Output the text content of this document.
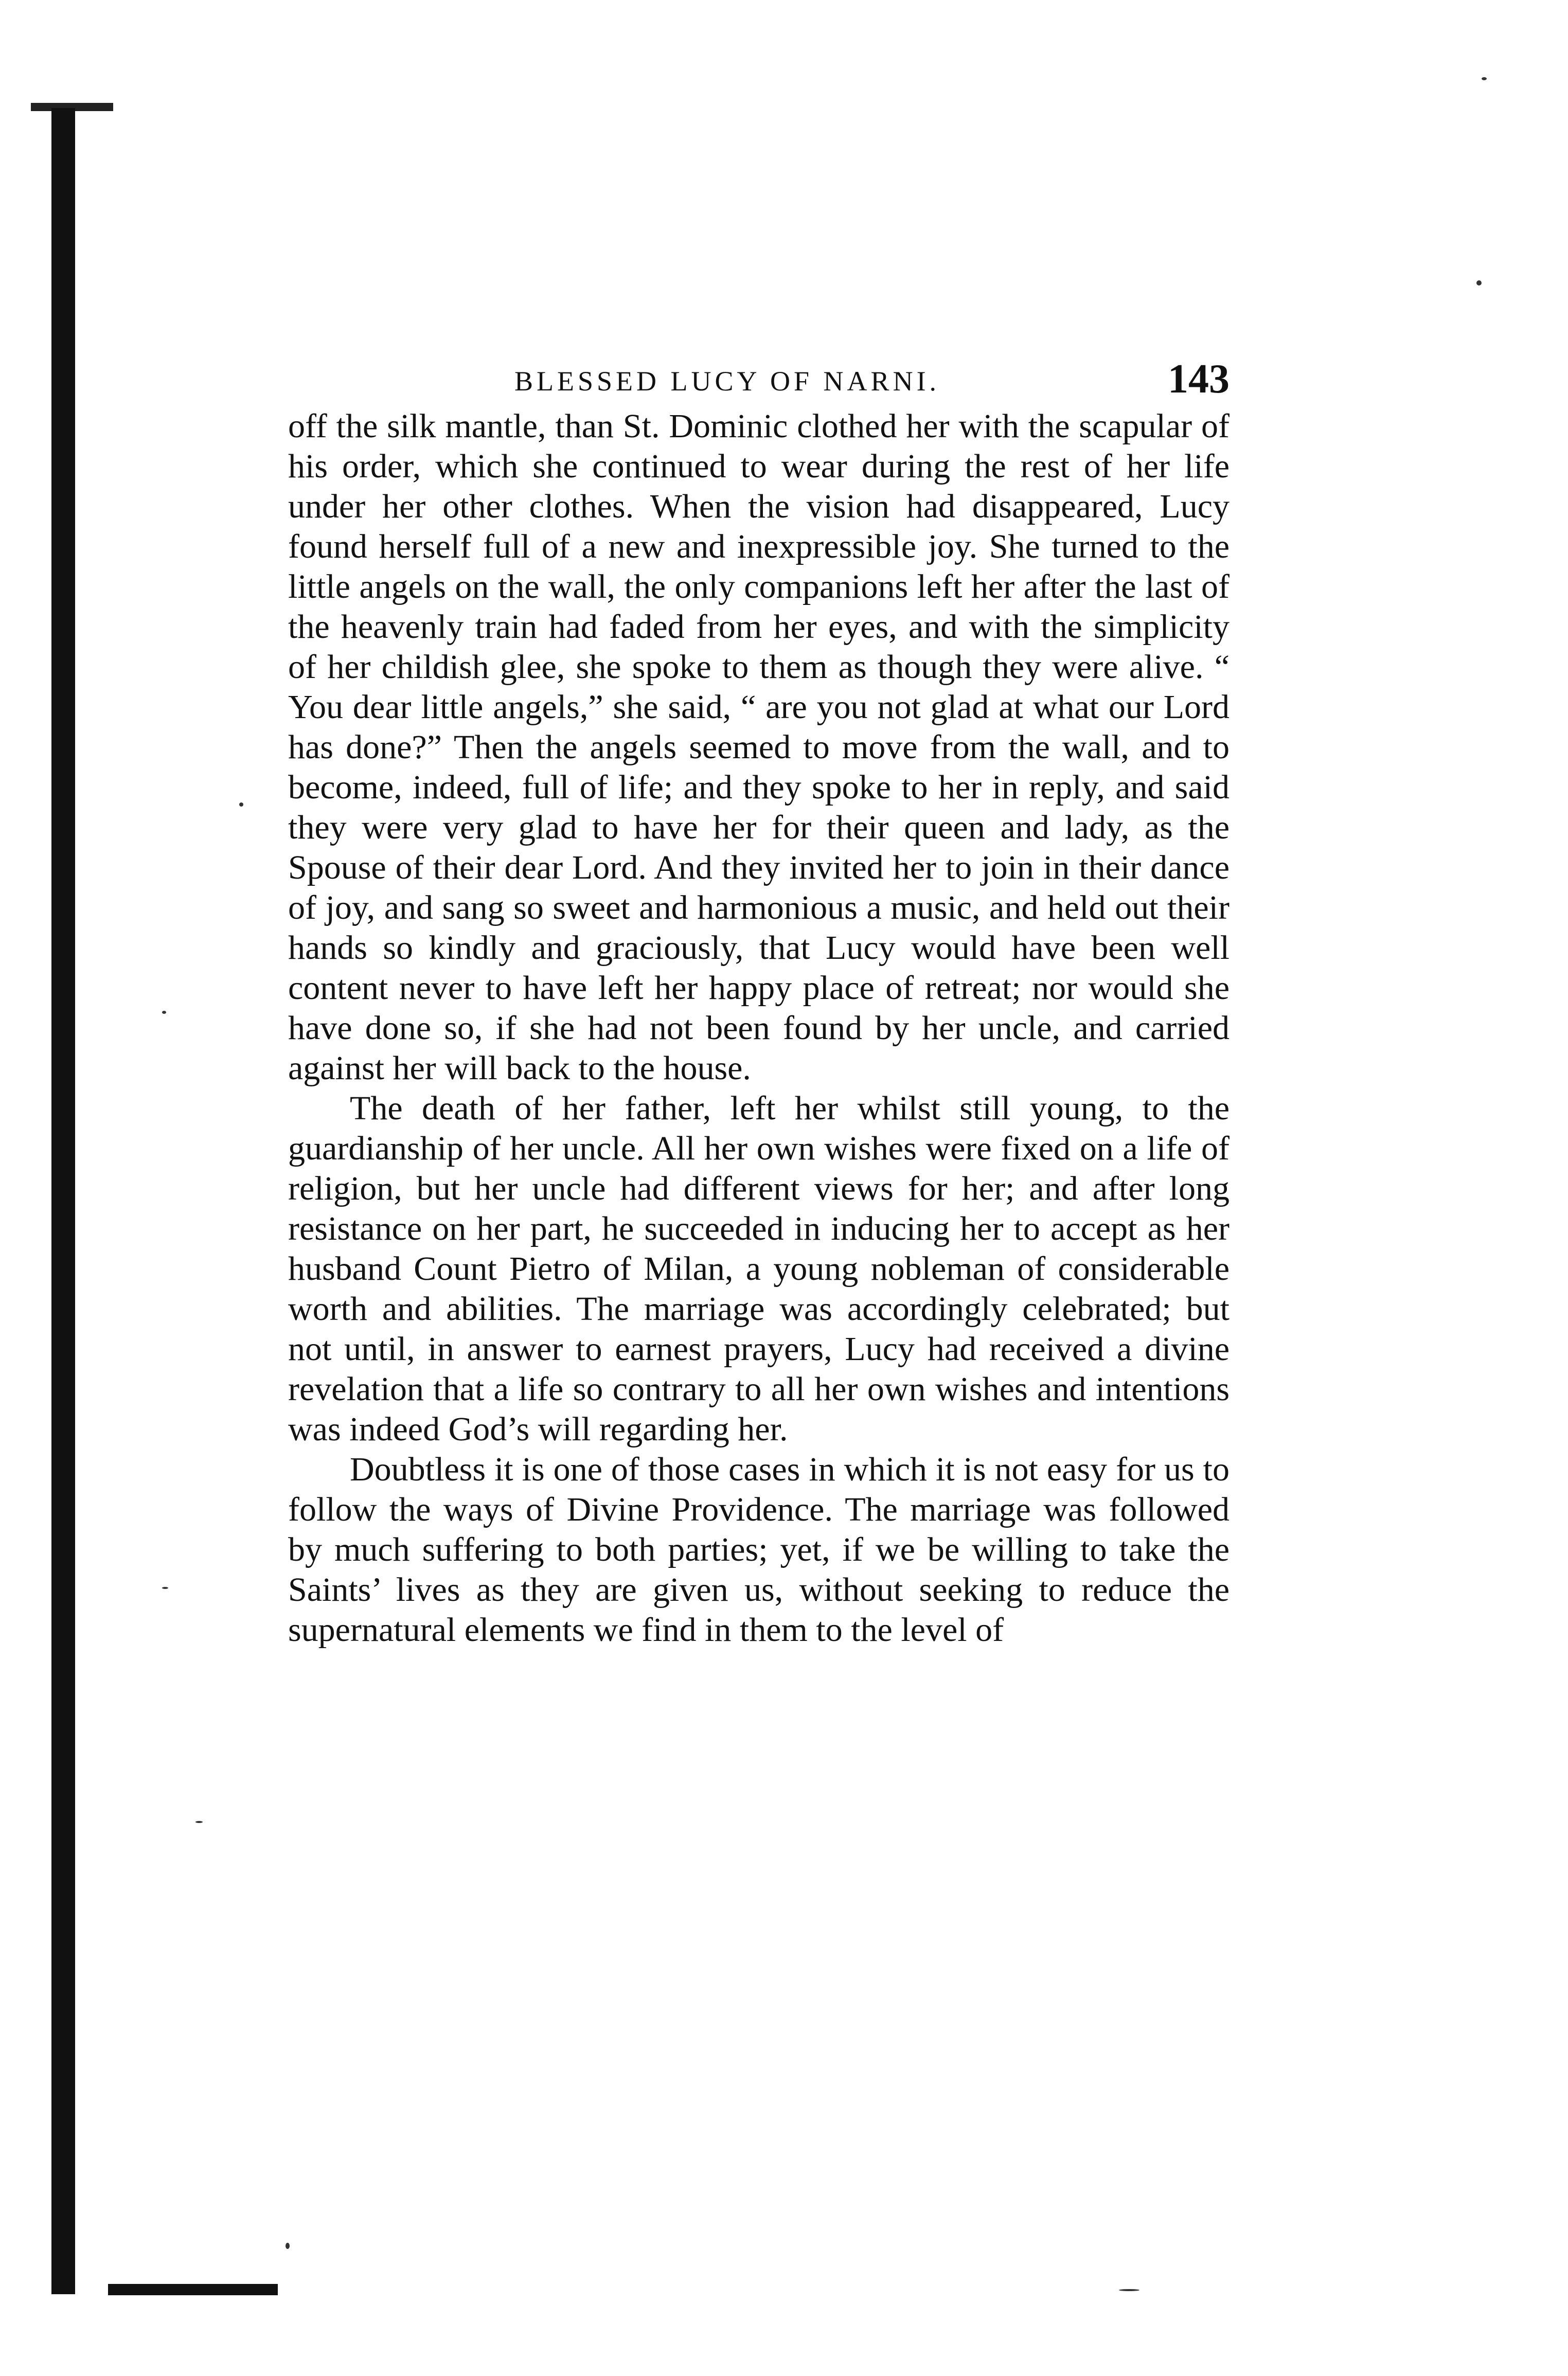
BLESSED LUCY OF NARNI.	143

off the silk mantle, than St. Dominic clothed her with the scapular of his order, which she continued to wear during the rest of her life under her other clothes. When the vision had disappeared, Lucy found herself full of a new and inexpressible joy. She turned to the little angels on the wall, the only companions left her after the last of the heavenly train had faded from her eyes, and with the simplicity of her childish glee, she spoke to them as though they were alive. “ You dear little angels,” she said, “ are you not glad at what our Lord has done?” Then the angels seemed to move from the wall, and to become, indeed, full of life; and they spoke to her in reply, and said they were very glad to have her for their queen and lady, as the Spouse of their dear Lord. And they invited her to join in their dance of joy, and sang so sweet and harmonious a music, and held out their hands so kindly and graciously, that Lucy would have been well content never to have left her happy place of retreat; nor would she have done so, if she had not been found by her uncle, and carried against her will back to the house.

The death of her father, left her whilst still young, to the guardianship of her uncle. All her own wishes were fixed on a life of religion, but her uncle had different views for her; and after long resistance on her part, he succeeded in inducing her to accept as her husband Count Pietro of Milan, a young nobleman of considerable worth and abilities. The marriage was accordingly celebrated; but not until, in answer to earnest prayers, Lucy had received a divine revelation that a life so contrary to all her own wishes and intentions was indeed God’s will regarding her.

Doubtless it is one of those cases in which it is not easy for us to follow the ways of Divine Providence. The marriage was followed by much suffering to both parties; yet, if we be willing to take the Saints’ lives as they are given us, without seeking to reduce the supernatural elements we find in them to the level of
